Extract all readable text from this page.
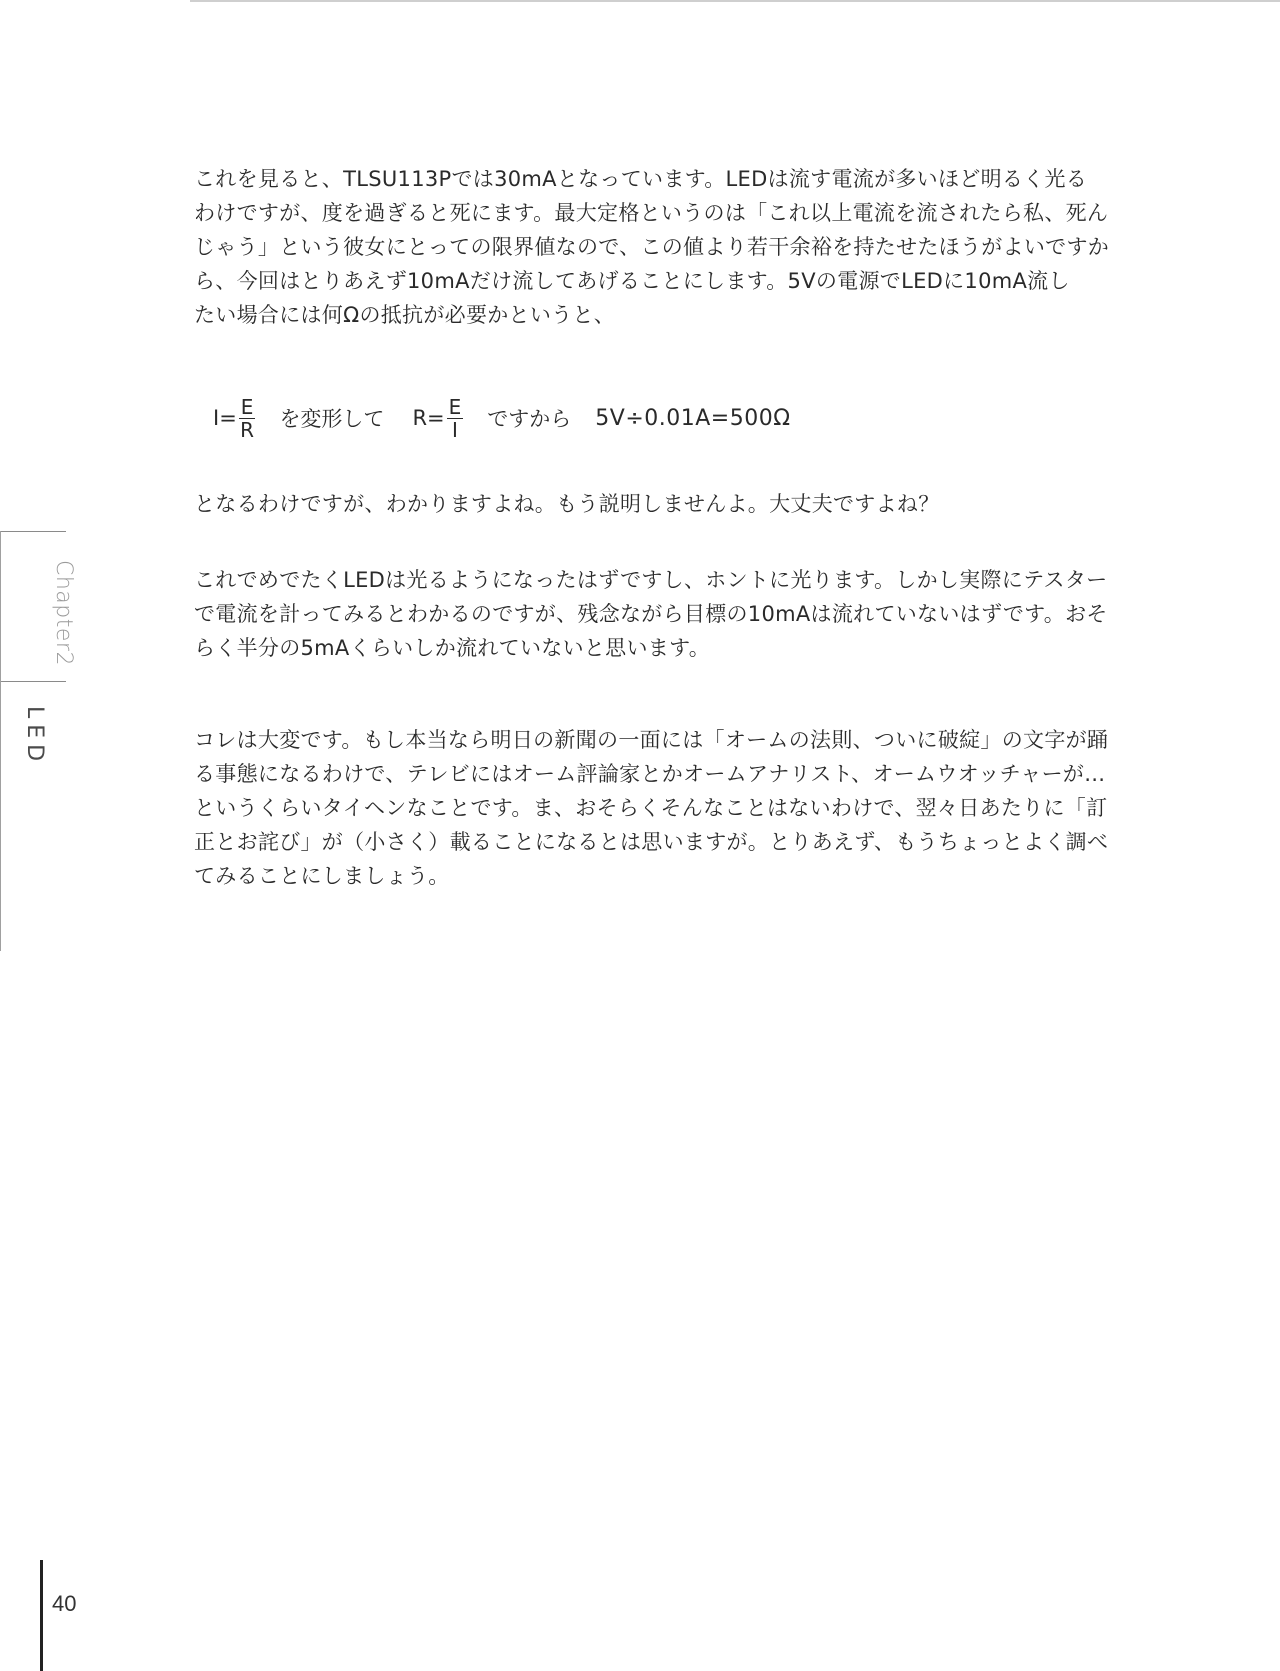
これを見ると、TLSU113Pでは30mAとなっています。LEDは流す電流が多いほど明るく光る
わけですが、度を過ぎると死にます。最大定格というのは「これ以上電流を流されたら私、死ん
じゃう」という彼女にとっての限界値なので、この値より若干余裕を持たせたほうがよいですか
ら、今回はとりあえず10mAだけ流してあげることにします。5Vの電源でLEDに10mA流し
たい場合には何Ωの抵抗が必要かというと、
$I= \frac{E}{R}$ を変形して $R= \frac{E}{I}$ ですから 5V÷0.01A=500Ω
となるわけですが、わかりますよね。もう説明しませんよ。大丈夫ですよね？
これでめでたくLEDは光るようになったはずですし、ホントに光ります。しかし実際にテスター
で電流を計ってみるとわかるのですが、残念ながら目標の10mAは流れていないはずです。おそ
らく半分の5mAくらいしか流れていないと思います。
コレは大変です。もし本当なら明日の新聞の一面には「オームの法則、ついに破綻」の文字が踊
る事態になるわけで、テレビにはオーム評論家とかオームアナリスト、オームウオッチャーが…
というくらいタイヘンなことです。ま、おそらくそんなことはないわけで、翌々日あたりに「訂
正とお詫び」が（小さく）載ることになるとは思いますが。とりあえず、もうちょっとよく調べ
てみることにしましょう。
Chapter2
LED
40
